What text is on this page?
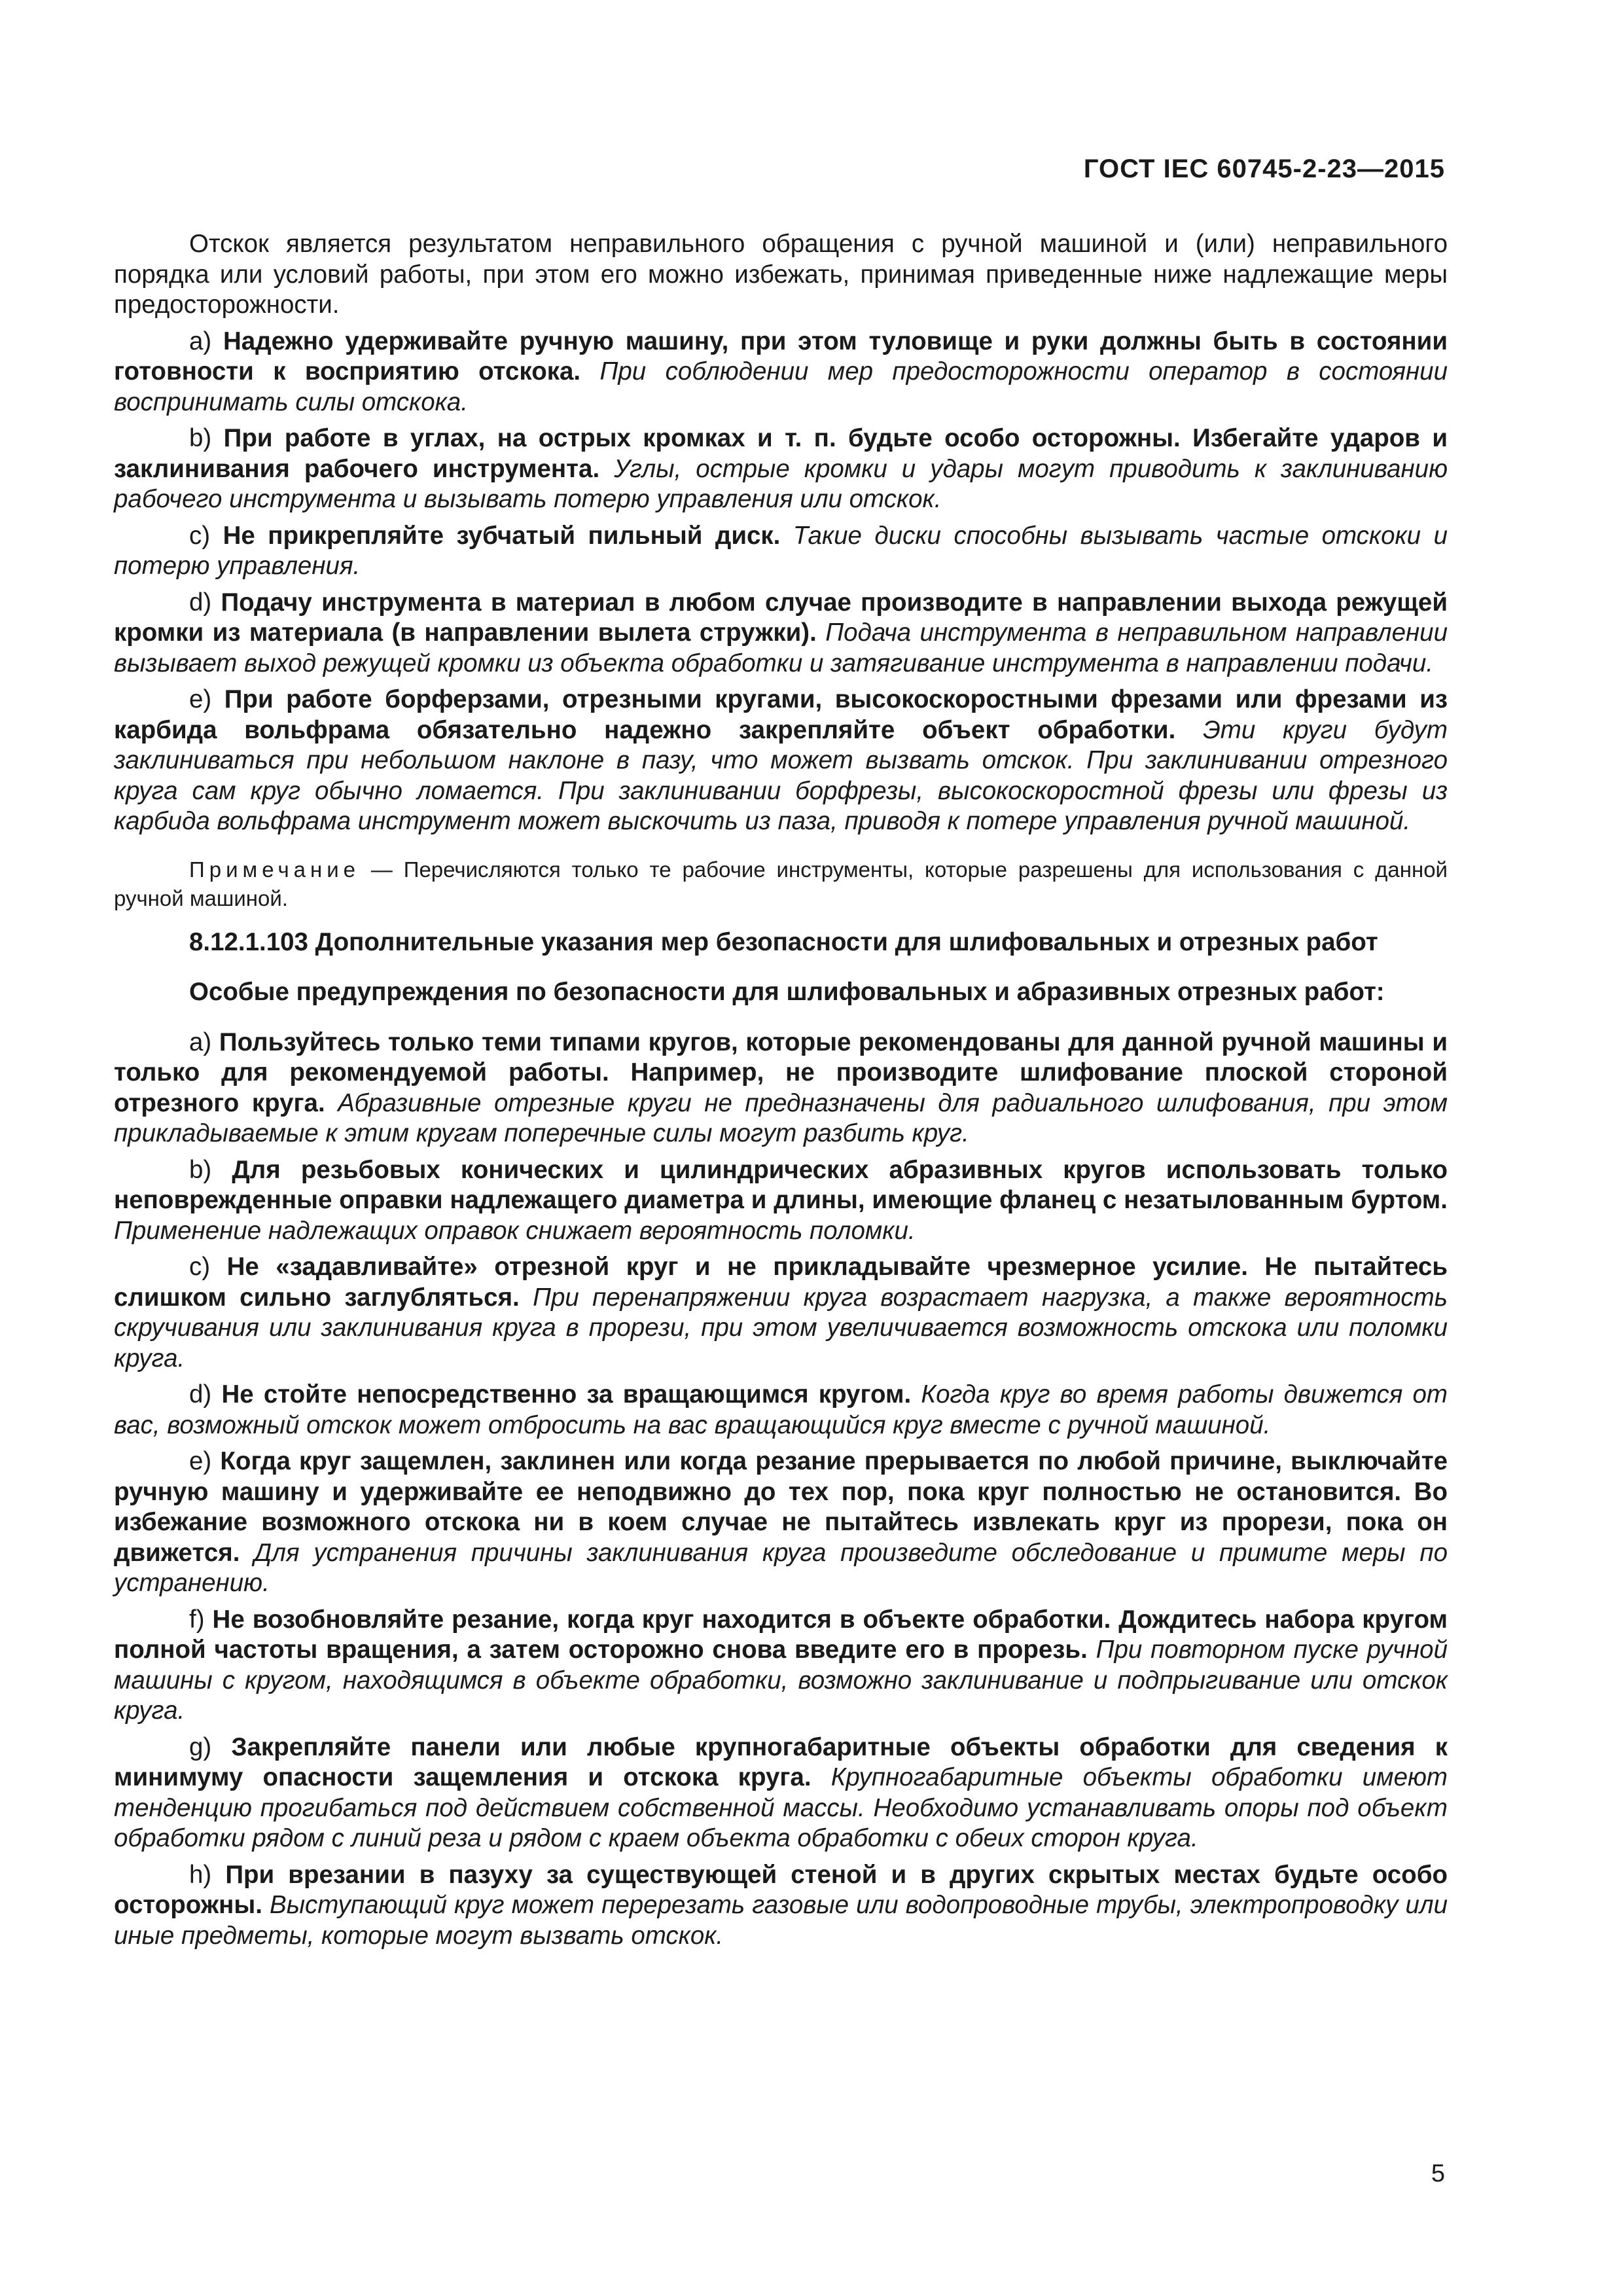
ГОСТ IEC 60745-2-23—2015

Отскок является результатом неправильного обращения с ручной машиной и (или) неправильного порядка или условий работы, при этом его можно избежать, принимая приведенные ниже надлежащие меры предосторожности.

а) Надежно удерживайте ручную машину, при этом туловище и руки должны быть в состоянии готовности к восприятию отскока. При соблюдении мер предосторожности оператор в состоянии воспринимать силы отскока.

b) При работе в углах, на острых кромках и т. п. будьте особо осторожны. Избегайте ударов и заклинивания рабочего инструмента. Углы, острые кромки и удары могут приводить к заклиниванию рабочего инструмента и вызывать потерю управления или отскок.

с) Не прикрепляйте зубчатый пильный диск. Такие диски способны вызывать частые отскоки и потерю управления.

d) Подачу инструмента в материал в любом случае производите в направлении выхода режущей кромки из материала (в направлении вылета стружки). Подача инструмента в неправильном направлении вызывает выход режущей кромки из объекта обработки и затягивание инструмента в направлении подачи.

е) При работе борферзами, отрезными кругами, высокоскоростными фрезами или фрезами из карбида вольфрама обязательно надежно закрепляйте объект обработки. Эти круги будут заклиниваться при небольшом наклоне в пазу, что может вызвать отскок. При заклинивании отрезного круга сам круг обычно ломается. При заклинивании борфрезы, высокоскоростной фрезы или фрезы из карбида вольфрама инструмент может выскочить из паза, приводя к потере управления ручной машиной.

Примечание — Перечисляются только те рабочие инструменты, которые разрешены для использования с данной ручной машиной.

8.12.1.103 Дополнительные указания мер безопасности для шлифовальных и отрезных работ

Особые предупреждения по безопасности для шлифовальных и абразивных отрезных работ:

а) Пользуйтесь только теми типами кругов, которые рекомендованы для данной ручной машины и только для рекомендуемой работы. Например, не производите шлифование плоской стороной отрезного круга. Абразивные отрезные круги не предназначены для радиального шлифования, при этом прикладываемые к этим кругам поперечные силы могут разбить круг.

b) Для резьбовых конических и цилиндрических абразивных кругов использовать только неповрежденные оправки надлежащего диаметра и длины, имеющие фланец с незатылованным буртом. Применение надлежащих оправок снижает вероятность поломки.

с) Не «задавливайте» отрезной круг и не прикладывайте чрезмерное усилие. Не пытайтесь слишком сильно заглубляться. При перенапряжении круга возрастает нагрузка, а также вероятность скручивания или заклинивания круга в прорези, при этом увеличивается возможность отскока или поломки круга.

d) Не стойте непосредственно за вращающимся кругом. Когда круг во время работы движется от вас, возможный отскок может отбросить на вас вращающийся круг вместе с ручной машиной.

е) Когда круг защемлен, заклинен или когда резание прерывается по любой причине, выключайте ручную машину и удерживайте ее неподвижно до тех пор, пока круг полностью не остановится. Во избежание возможного отскока ни в коем случае не пытайтесь извлекать круг из прорези, пока он движется. Для устранения причины заклинивания круга произведите обследование и примите меры по устранению.

f) Не возобновляйте резание, когда круг находится в объекте обработки. Дождитесь набора кругом полной частоты вращения, а затем осторожно снова введите его в прорезь. При повторном пуске ручной машины с кругом, находящимся в объекте обработки, возможно заклинивание и подпрыгивание или отскок круга.

g) Закрепляйте панели или любые крупногабаритные объекты обработки для сведения к минимуму опасности защемления и отскока круга. Крупногабаритные объекты обработки имеют тенденцию прогибаться под действием собственной массы. Необходимо устанавливать опоры под объект обработки рядом с линий реза и рядом с краем объекта обработки с обеих сторон круга.

h) При врезании в пазуху за существующей стеной и в других скрытых местах будьте особо осторожны. Выступающий круг может перерезать газовые или водопроводные трубы, электропроводку или иные предметы, которые могут вызвать отскок.

5
